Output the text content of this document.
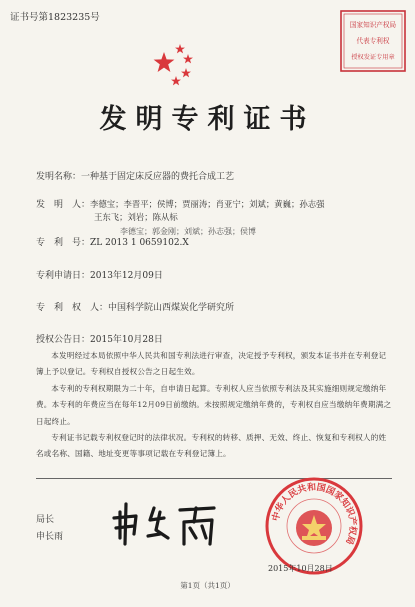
证书号第1823235号
国家知识产权局
代表专利权
授权发证专用章
发明专利证书
发明名称：一种基于固定床反应器的费托合成工艺
发　明　人：李德宝；李晋平；侯博；贾丽涛；肖亚宁；刘斌；黄巍；孙志强
王东飞；刘岩；陈从标
专　利　号：ZL 2013 1 0659102.X
李德宝；郭金刚；刘斌；孙志强；侯博
专利申请日：2013年12月09日
专　利　权　人：中国科学院山西煤炭化学研究所
授权公告日：2015年10月28日
本发明经过本局依照中华人民共和国专利法进行审查，决定授予专利权，颁发本证书并在专利登记簿上予以登记。专利权自授权公告之日起生效。
本专利的专利权期限为二十年，自申请日起算。专利权人应当依照专利法及其实施细则规定缴纳年费。本专利的年费应当在每年12月09日前缴纳。未按照规定缴纳年费的，专利权自应当缴纳年费期满之日起终止。
专利证书记载专利权登记时的法律状况。专利权的转移、质押、无效、终止、恢复和专利权人的姓名或名称、国籍、地址变更等事项记载在专利登记簿上。
局长
申长雨
中华人民共和国国家知识产权局
2015年10月28日
第1页（共1页）
